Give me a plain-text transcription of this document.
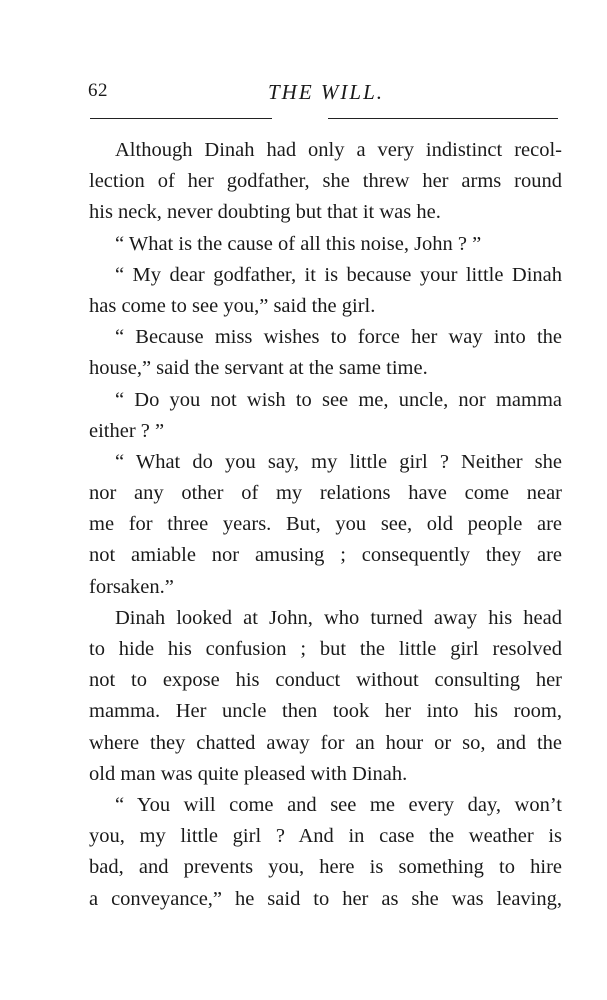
62	THE WILL.
Although Dinah had only a very indistinct recol-
lection of her godfather, she threw her arms round
his neck, never doubting but that it was he.
“ What is the cause of all this noise, John ? ”
“ My dear godfather, it is because your little Dinah
has come to see you,” said the girl.
“ Because miss wishes to force her way into the
house,” said the servant at the same time.
“ Do you not wish to see me, uncle, nor mamma
either ? ”
“ What do you say, my little girl ? Neither she
nor any other of my relations have come near
me for three years. But, you see, old people are
not amiable nor amusing ; consequently they are
forsaken.”
Dinah looked at John, who turned away his head
to hide his confusion ; but the little girl resolved
not to expose his conduct without consulting her
mamma. Her uncle then took her into his room,
where they chatted away for an hour or so, and the
old man was quite pleased with Dinah.
“ You will come and see me every day, won’t
you, my little girl ? And in case the weather is
bad, and prevents you, here is something to hire
a conveyance,” he said to her as she was leaving,
